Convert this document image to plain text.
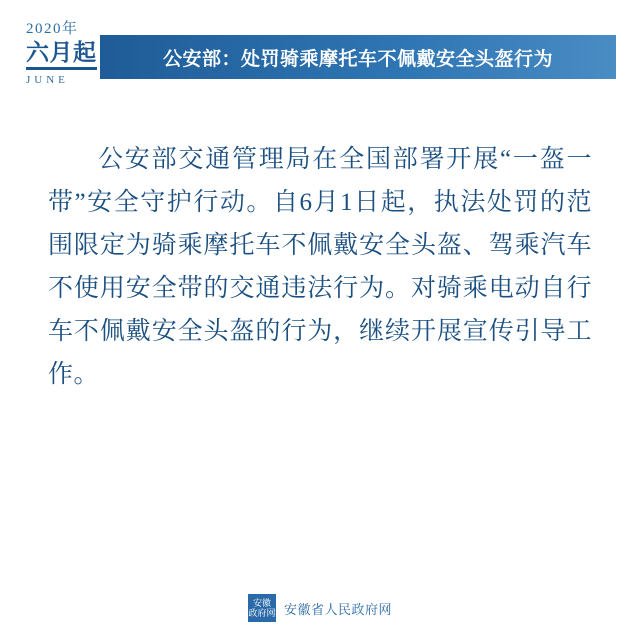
2020年
六月起
JUNE
公安部：处罚骑乘摩托车不佩戴安全头盔行为
公安部交通管理局在全国部署开展“一盔一带”安全守护行动。自6月1日起，执法处罚的范围限定为骑乘摩托车不佩戴安全头盔、驾乘汽车不使用安全带的交通违法行为。对骑乘电动自行车不佩戴安全头盔的行为，继续开展宣传引导工作。
安徽
政府网 安徽省人民政府网
